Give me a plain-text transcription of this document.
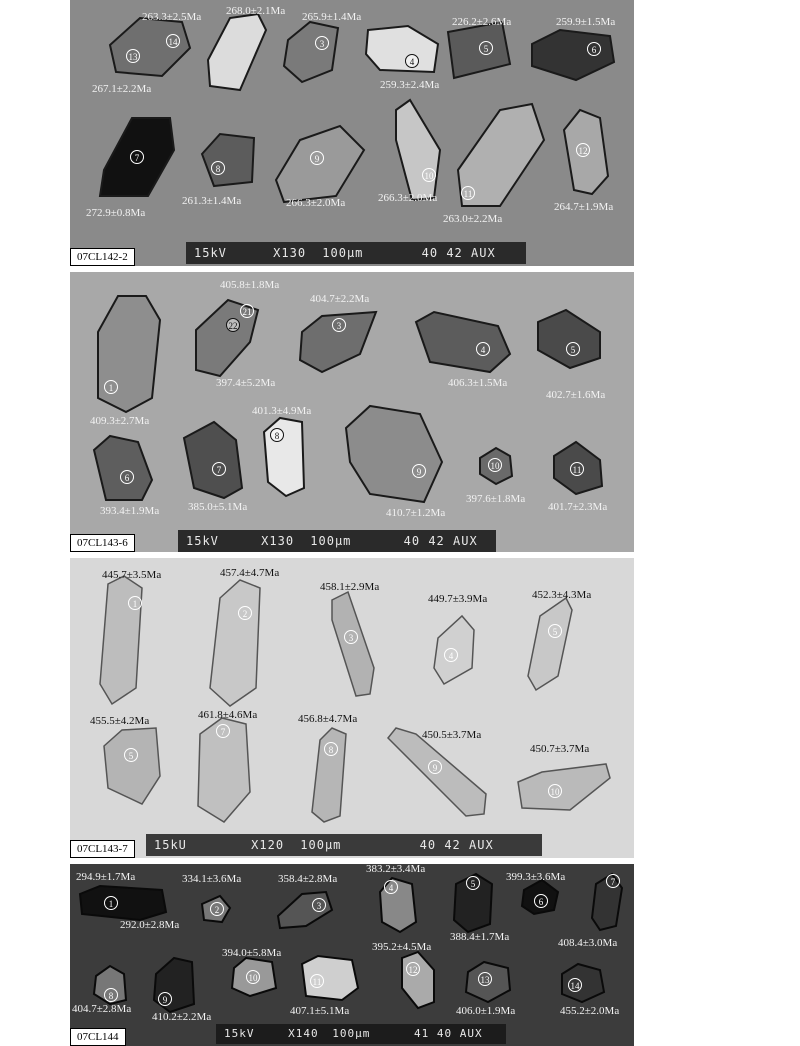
263.3±2.5Ma 268.0±2.1Ma 265.9±1.4Ma	226.2±2.6Ma	259.9±1.5Ma
267.1±2.2Ma	259.3±2.4Ma
272.9±0.8Ma
261.3±1.4Ma	266.3±2.0Ma	266.3±2.0Ma
263.0±2.2Ma
264.7±1.9Ma
13
14	3
4
5	6
7
8
9
10
11
12
07CL142-2	15kV	X130 100µm	40 42 AUX
405.8±1.8Ma
404.7±2.2Ma
397.4±5.2Ma	406.3±1.5Ma
402.7±1.6Ma
409.3±2.7Ma
401.3±4.9Ma
393.4±1.9Ma	385.0±5.1Ma	410.7±1.2Ma
397.6±1.8Ma
401.7±2.3Ma
21
22	3
4	5
1
6
7
8
9
10	11
07CL143-6	15kV	X130 100µm	40 42 AUX
445.7±3.5Ma	457.4±4.7Ma
458.1±2.9Ma
449.7±3.9Ma	452.3±4.3Ma
455.5±4.2Ma	461.8±4.6Ma	456.8±4.7Ma
450.5±3.7Ma
450.7±3.7Ma
1
2
3
4
5
5
7
8
9
10
07CL143-7	15kU	X120 100µm	40 42 AUX
294.9±1.7Ma	334.1±3.6Ma	358.4±2.8Ma
383.2±3.4Ma
399.3±3.6Ma
292.0±2.8Ma
388.4±1.7Ma	408.4±3.0Ma
394.0±5.8Ma	395.2±4.5Ma
404.7±2.8Ma
410.2±2.2Ma	407.1±5.1Ma	406.0±1.9Ma	455.2±2.0Ma
1
2	3
4	5
6
7
8	9
10	11
12
13
14
07CL144	15kV	X140 100µm	41 40 AUX
